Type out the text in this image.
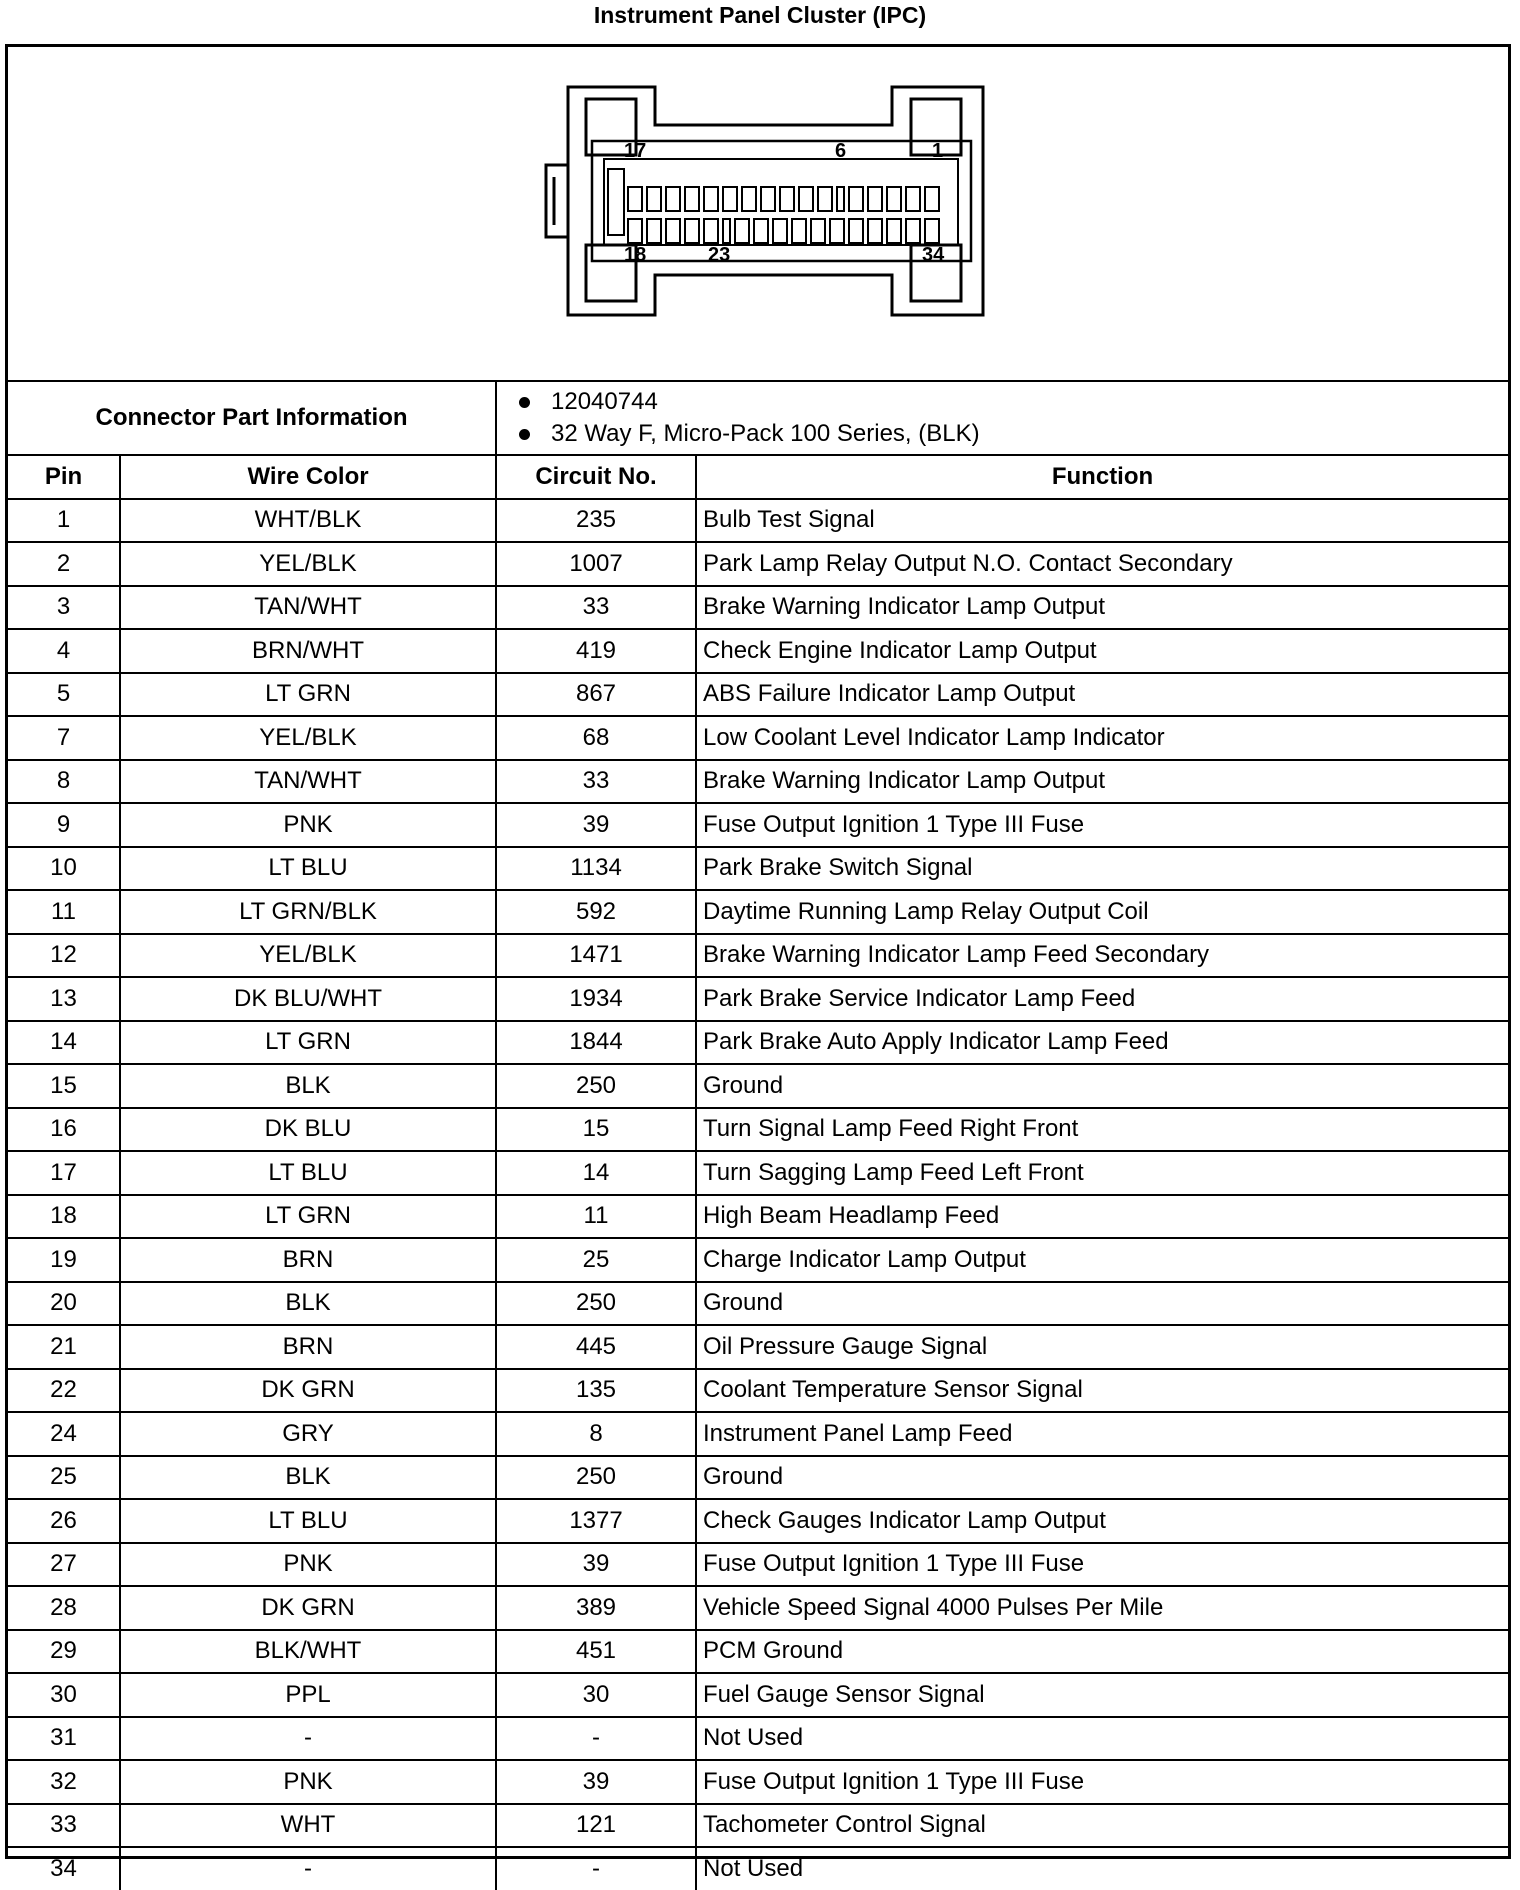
Instrument Panel Cluster (IPC)
17	6	1
18	23	34
Connector Part Information		12040744
32 Way F, Micro-Pack 100 Series, (BLK)	

Pin	Wire Color	Circuit No.	Function
1	WHT/BLK	235	Bulb Test Signal
2	YEL/BLK	1007	Park Lamp Relay Output N.O. Contact Secondary
3	TAN/WHT	33	Brake Warning Indicator Lamp Output
4	BRN/WHT	419	Check Engine Indicator Lamp Output
5	LT GRN	867	ABS Failure Indicator Lamp Output
7	YEL/BLK	68	Low Coolant Level Indicator Lamp Indicator
8	TAN/WHT	33	Brake Warning Indicator Lamp Output
9	PNK	39	Fuse Output Ignition 1 Type III Fuse
10	LT BLU	1134	Park Brake Switch Signal
11	LT GRN/BLK	592	Daytime Running Lamp Relay Output Coil
12	YEL/BLK	1471	Brake Warning Indicator Lamp Feed Secondary
13	DK BLU/WHT	1934	Park Brake Service Indicator Lamp Feed
14	LT GRN	1844	Park Brake Auto Apply Indicator Lamp Feed
15	BLK	250	Ground
16	DK BLU	15	Turn Signal Lamp Feed Right Front
17	LT BLU	14	Turn Sagging Lamp Feed Left Front
18	LT GRN	11	High Beam Headlamp Feed
19	BRN	25	Charge Indicator Lamp Output
20	BLK	250	Ground
21	BRN	445	Oil Pressure Gauge Signal
22	DK GRN	135	Coolant Temperature Sensor Signal
24	GRY	8	Instrument Panel Lamp Feed
25	BLK	250	Ground
26	LT BLU	1377	Check Gauges Indicator Lamp Output
27	PNK	39	Fuse Output Ignition 1 Type III Fuse
28	DK GRN	389	Vehicle Speed Signal 4000 Pulses Per Mile
29	BLK/WHT	451	PCM Ground
30	PPL	30	Fuel Gauge Sensor Signal
31	-	-	Not Used
32	PNK	39	Fuse Output Ignition 1 Type III Fuse
33	WHT	121	Tachometer Control Signal
34	-	-	Not Used
